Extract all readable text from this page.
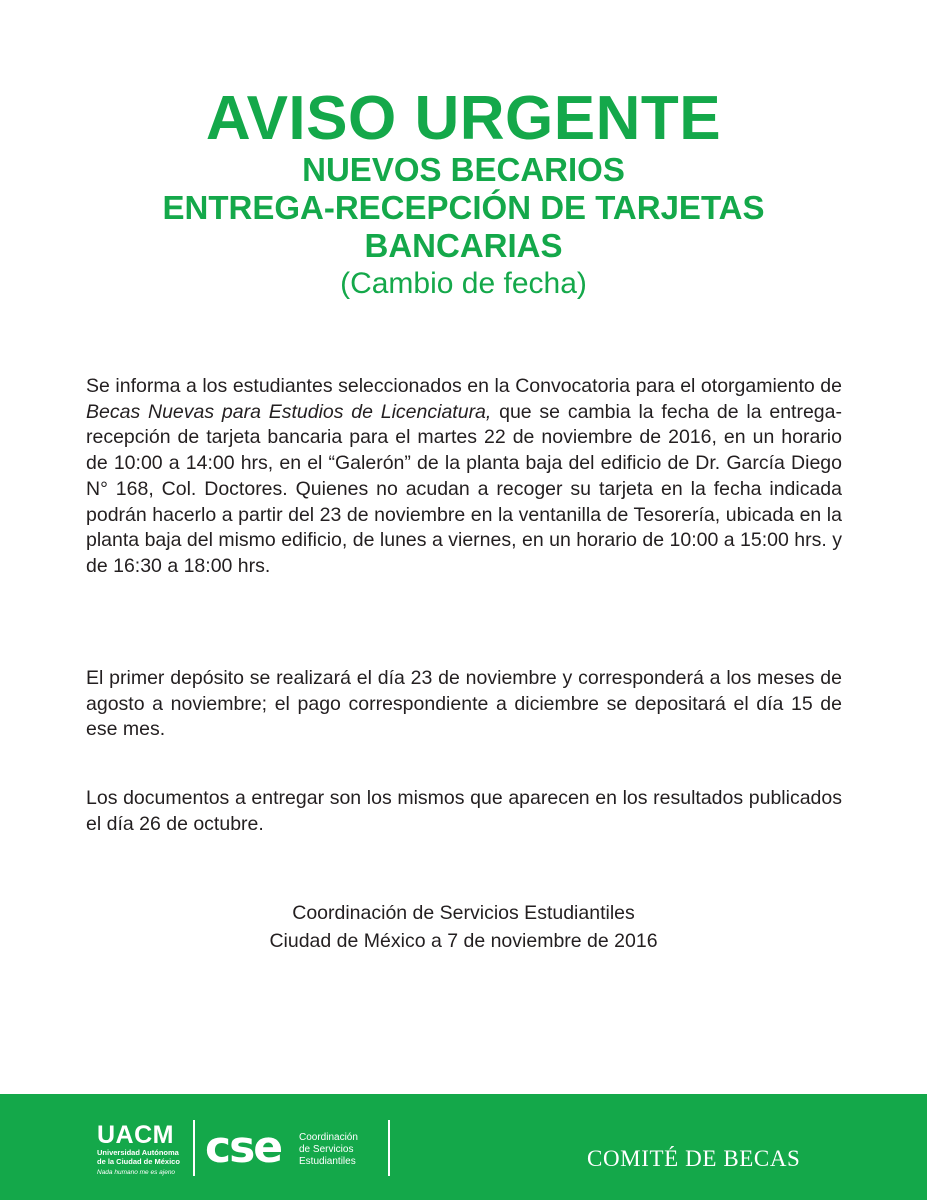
AVISO URGENTE
NUEVOS BECARIOS
ENTREGA-RECEPCIÓN DE TARJETAS
BANCARIAS
(Cambio de fecha)
Se informa a los estudiantes seleccionados en la Convocatoria para el otorgamiento de Becas Nuevas para Estudios de Licenciatura, que se cambia la fecha de la entrega-recepción de tarjeta bancaria para el martes 22 de noviembre de 2016, en un horario de 10:00 a 14:00 hrs, en el “Galerón” de la planta baja del edificio de Dr. García Diego N° 168, Col. Doctores. Quienes no acudan a recoger su tarjeta en la fecha indicada podrán hacerlo a partir del 23 de noviembre en la ventanilla de Tesorería, ubicada en la planta baja del mismo edificio, de lunes a viernes, en un horario de 10:00 a 15:00 hrs. y de 16:30 a 18:00 hrs.
El primer depósito se realizará el día 23 de noviembre y corresponderá a los meses de agosto a noviembre; el pago correspondiente a diciembre se depositará el día 15 de ese mes.
Los documentos a entregar son los mismos que aparecen en los resultados publicados el día 26 de octubre.
Coordinación de Servicios Estudiantiles
Ciudad de México a 7 de noviembre de 2016
UACM
Universidad Autónoma
de la Ciudad de México
Nada humano me es ajeno cse Coordinación
de Servicios
Estudiantiles	COMITÉ DE BECAS
